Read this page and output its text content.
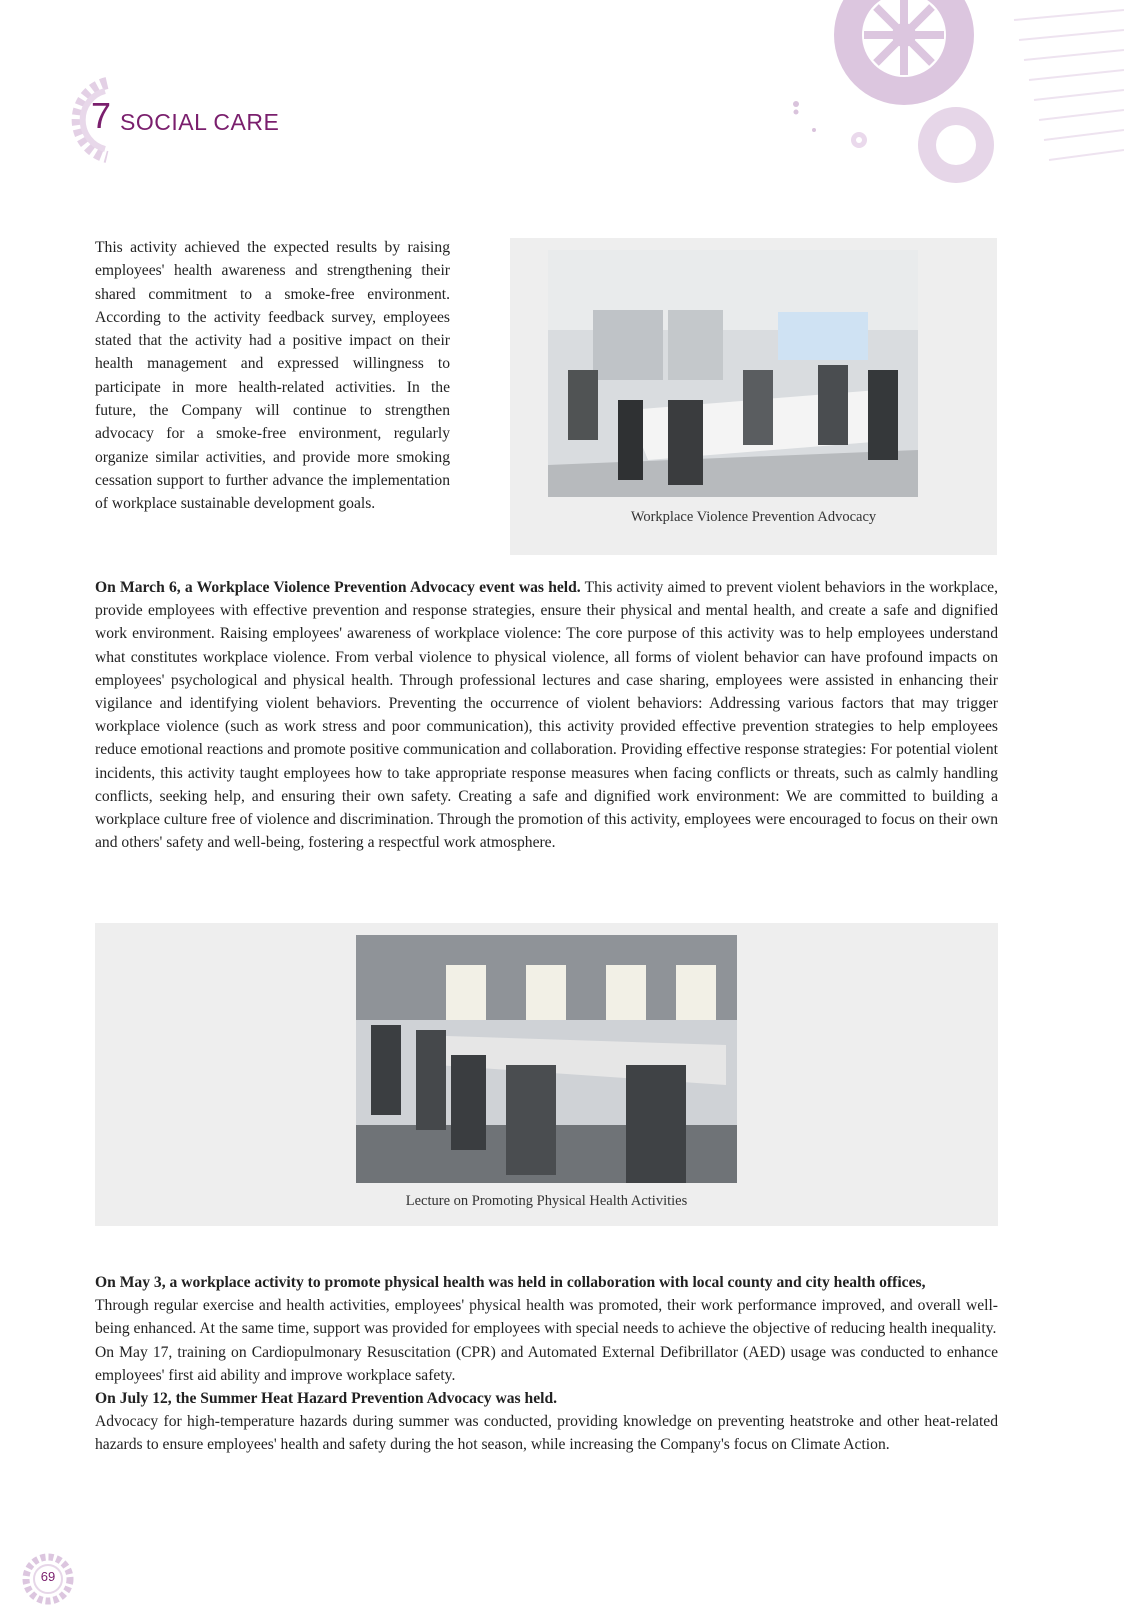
7 SOCIAL CARE
This activity achieved the expected results by raising employees' health awareness and strengthening their shared commitment to a smoke-free environment. According to the activity feedback survey, employees stated that the activity had a positive impact on their health management and expressed willingness to participate in more health-related activities. In the future, the Company will continue to strengthen advocacy for a smoke-free environment, regularly organize similar activities, and provide more smoking cessation support to further advance the implementation of workplace sustainable development goals.
Workplace Violence Prevention Advocacy
On March 6, a Workplace Violence Prevention Advocacy event was held. This activity aimed to prevent violent behaviors in the workplace, provide employees with effective prevention and response strategies, ensure their physical and mental health, and create a safe and dignified work environment. Raising employees' awareness of workplace violence: The core purpose of this activity was to help employees understand what constitutes workplace violence. From verbal violence to physical violence, all forms of violent behavior can have profound impacts on employees' psychological and physical health. Through professional lectures and case sharing, employees were assisted in enhancing their vigilance and identifying violent behaviors. Preventing the occurrence of violent behaviors: Addressing various factors that may trigger workplace violence (such as work stress and poor communication), this activity provided effective prevention strategies to help employees reduce emotional reactions and promote positive communication and collaboration. Providing effective response strategies: For potential violent incidents, this activity taught employees how to take appropriate response measures when facing conflicts or threats, such as calmly handling conflicts, seeking help, and ensuring their own safety. Creating a safe and dignified work environment: We are committed to building a workplace culture free of violence and discrimination. Through the promotion of this activity, employees were encouraged to focus on their own and others' safety and well-being, fostering a respectful work atmosphere.
Lecture on Promoting Physical Health Activities

On May 3, a workplace activity to promote physical health was held in collaboration with local county and city health offices,

Through regular exercise and health activities, employees' physical health was promoted, their work performance improved, and overall well-being enhanced. At the same time, support was provided for employees with special needs to achieve the objective of reducing health inequality.

On May 17, training on Cardiopulmonary Resuscitation (CPR) and Automated External Defibrillator (AED) usage was conducted to enhance employees' first aid ability and improve workplace safety.

On July 12, the Summer Heat Hazard Prevention Advocacy was held.

Advocacy for high-temperature hazards during summer was conducted, providing knowledge on preventing heatstroke and other heat-related hazards to ensure employees' health and safety during the hot season, while increasing the Company's focus on Climate Action.

69
